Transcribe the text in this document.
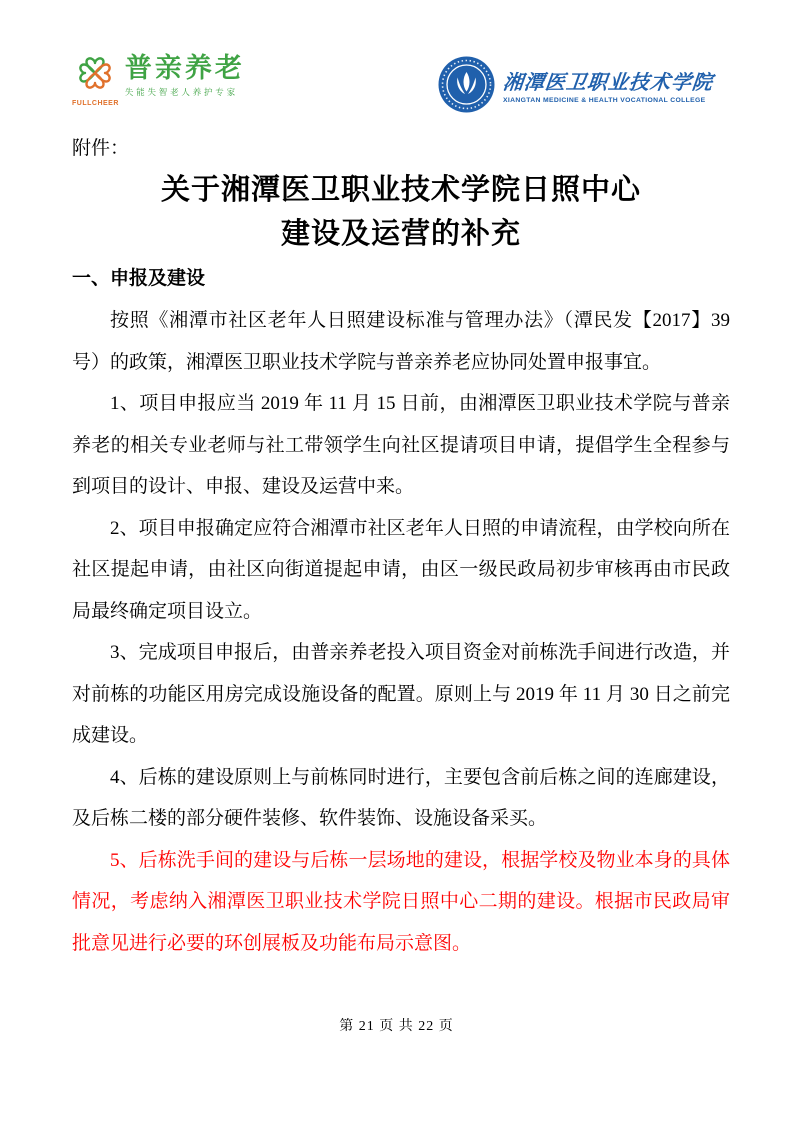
FULLCHEER
普亲养老
失能失智老人养护专家	湘潭医卫职业技术学院
XIANGTAN MEDICINE & HEALTH VOCATIONAL COLLEGE
附件：
关于湘潭医卫职业技术学院日照中心
建设及运营的补充
一、申报及建设

按照《湘潭市社区老年人日照建设标准与管理办法》（潭民发【2017】39号）的政策，湘潭医卫职业技术学院与普亲养老应协同处置申报事宜。

1、项目申报应当 2019 年 11 月 15 日前，由湘潭医卫职业技术学院与普亲养老的相关专业老师与社工带领学生向社区提请项目申请，提倡学生全程参与到项目的设计、申报、建设及运营中来。

2、项目申报确定应符合湘潭市社区老年人日照的申请流程，由学校向所在社区提起申请，由社区向街道提起申请，由区一级民政局初步审核再由市民政局最终确定项目设立。

3、完成项目申报后，由普亲养老投入项目资金对前栋洗手间进行改造，并对前栋的功能区用房完成设施设备的配置。原则上与 2019 年 11 月 30 日之前完成建设。

4、后栋的建设原则上与前栋同时进行，主要包含前后栋之间的连廊建设，及后栋二楼的部分硬件装修、软件装饰、设施设备采买。

5、后栋洗手间的建设与后栋一层场地的建设，根据学校及物业本身的具体情况，考虑纳入湘潭医卫职业技术学院日照中心二期的建设。根据市民政局审批意见进行必要的环创展板及功能布局示意图。

第 21 页 共 22 页
